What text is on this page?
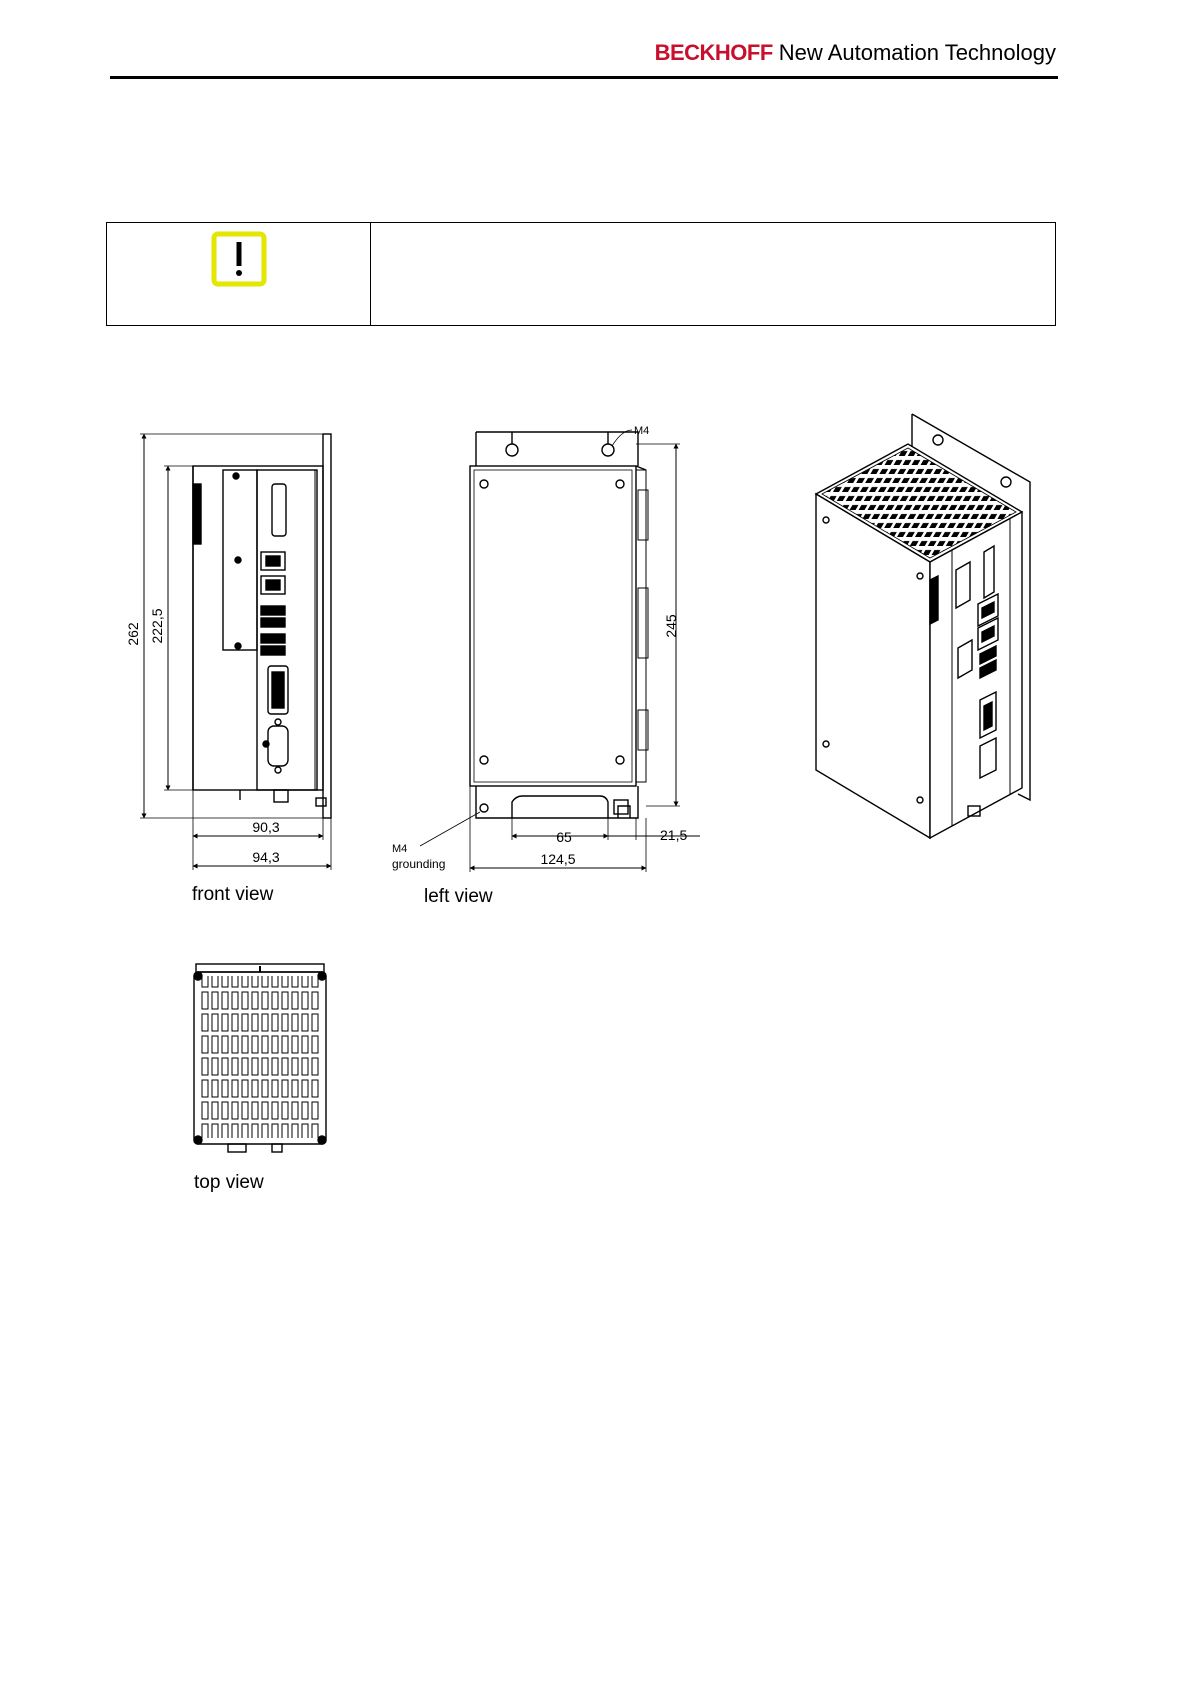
BECKHOFF New Automation Technology
262 222,5
90,3
94,3
front view
M4
245
65	21,5
124,5
M4
grounding
left view
top view
